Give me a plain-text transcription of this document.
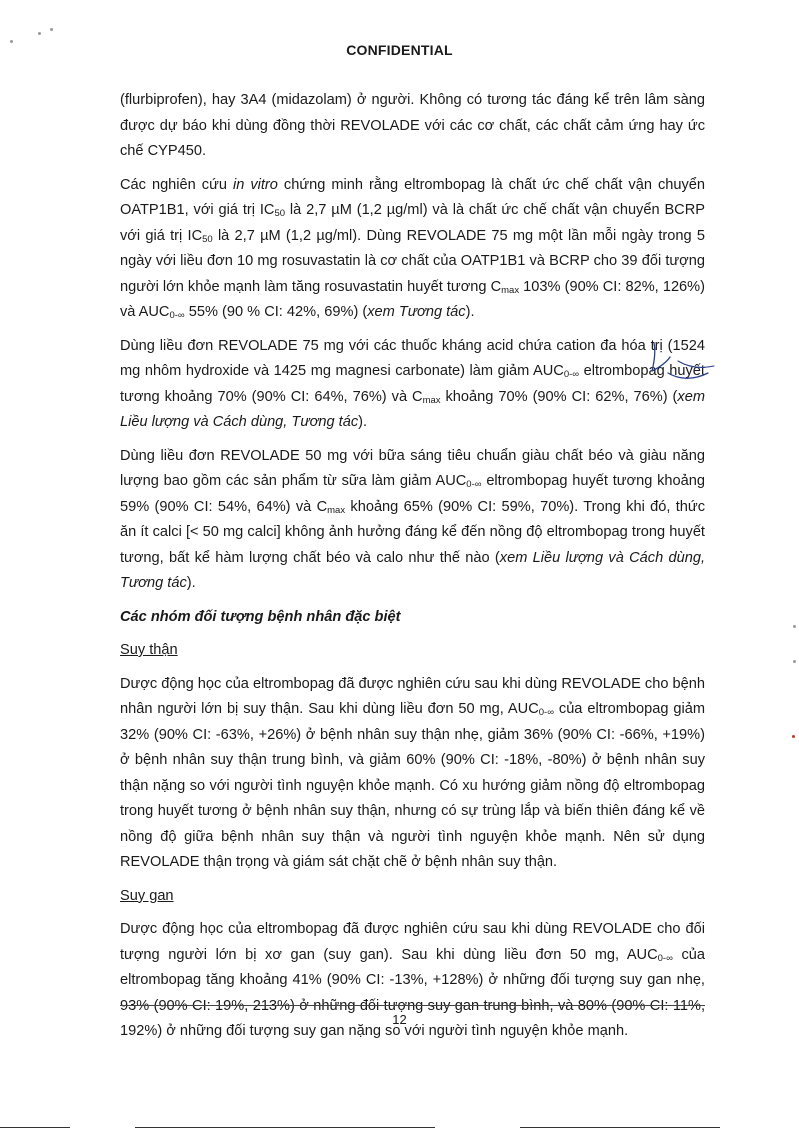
CONFIDENTIAL

(flurbiprofen), hay 3A4 (midazolam) ở người. Không có tương tác đáng kể trên lâm sàng được dự báo khi dùng đồng thời REVOLADE với các cơ chất, các chất cảm ứng hay ức chế CYP450.

Các nghiên cứu in vitro chứng minh rằng eltrombopag là chất ức chế chất vận chuyển OATP1B1, với giá trị $IC_{50}$ là 2,7 µM (1,2 µg/ml) và là chất ức chế chất vận chuyển BCRP với giá trị $IC_{50}$ là 2,7 µM (1,2 µg/ml). Dùng REVOLADE 75 mg một lần mỗi ngày trong 5 ngày với liều đơn 10 mg rosuvastatin là cơ chất của OATP1B1 và BCRP cho 39 đối tượng người lớn khỏe mạnh làm tăng rosuvastatin huyết tương $C_{max}$ 103% (90% CI: 82%, 126%) và $AUC_{0-\infty}$ 55% (90 % CI: 42%, 69%) (xem Tương tác).

Dùng liều đơn REVOLADE 75 mg với các thuốc kháng acid chứa cation đa hóa trị (1524 mg nhôm hydroxide và 1425 mg magnesi carbonate) làm giảm $AUC_{0-\infty}$ eltrombopag huyết tương khoảng 70% (90% CI: 64%, 76%) và $C_{max}$ khoảng 70% (90% CI: 62%, 76%) (xem Liều lượng và Cách dùng, Tương tác).

Dùng liều đơn REVOLADE 50 mg với bữa sáng tiêu chuẩn giàu chất béo và giàu năng lượng bao gồm các sản phẩm từ sữa làm giảm $AUC_{0-\infty}$ eltrombopag huyết tương khoảng 59% (90% CI: 54%, 64%) và $C_{max}$ khoảng 65% (90% CI: 59%, 70%). Trong khi đó, thức ăn ít calci [< 50 mg calci] không ảnh hưởng đáng kể đến nồng độ eltrombopag trong huyết tương, bất kể hàm lượng chất béo và calo như thế nào (xem Liều lượng và Cách dùng, Tương tác).

Các nhóm đối tượng bệnh nhân đặc biệt
Suy thận

Dược động học của eltrombopag đã được nghiên cứu sau khi dùng REVOLADE cho bệnh nhân người lớn bị suy thận. Sau khi dùng liều đơn 50 mg, $AUC_{0-\infty}$ của eltrombopag giảm 32% (90% CI: -63%, +26%) ở bệnh nhân suy thận nhẹ, giảm 36% (90% CI: -66%, +19%) ở bệnh nhân suy thận trung bình, và giảm 60% (90% CI: -18%, -80%) ở bệnh nhân suy thận nặng so với người tình nguyện khỏe mạnh. Có xu hướng giảm nồng độ eltrombopag trong huyết tương ở bệnh nhân suy thận, nhưng có sự trùng lắp và biến thiên đáng kể về nồng độ giữa bệnh nhân suy thận và người tình nguyện khỏe mạnh. Nên sử dụng REVOLADE thận trọng và giám sát chặt chẽ ở bệnh nhân suy thận.

Suy gan

Dược động học của eltrombopag đã được nghiên cứu sau khi dùng REVOLADE cho đối tượng người lớn bị xơ gan (suy gan). Sau khi dùng liều đơn 50 mg, $AUC_{0-\infty}$ của eltrombopag tăng khoảng 41% (90% CI: -13%, +128%) ở những đối tượng suy gan nhẹ, 93% (90% CI: 19%, 213%) ở những đối tượng suy gan trung bình, và 80% (90% CI: 11%, 192%) ở những đối tượng suy gan nặng so với người tình nguyện khỏe mạnh.

12
